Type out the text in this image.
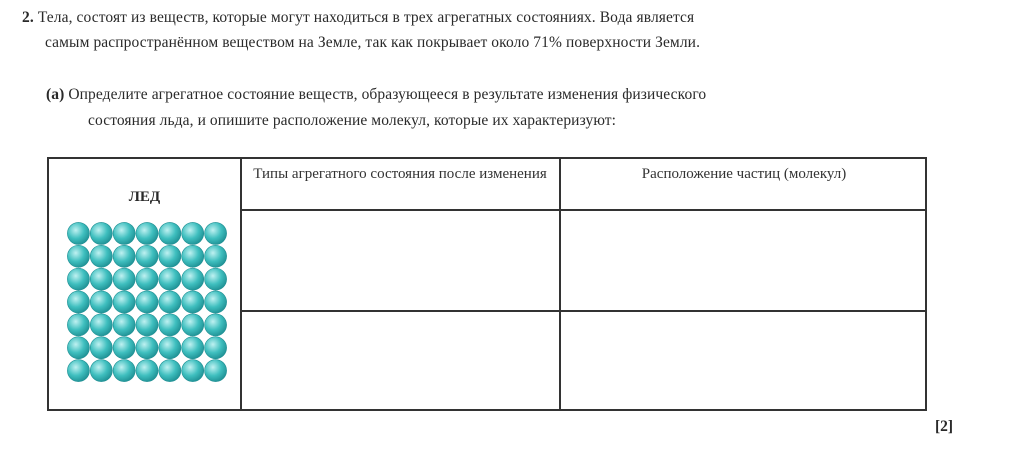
2. Тела, состоят из веществ, которые могут находиться в трех агрегатных состояниях. Вода является
самым распространённом веществом на Земле, так как покрывает около 71% поверхности Земли.
(a) Определите агрегатное состояние веществ, образующееся в результате изменения физического
состояния льда, и опишите расположение молекул, которые их характеризуют:
ЛЕД
Типы агрегатного состояния после изменения	Расположение частиц (молекул)
[2]
